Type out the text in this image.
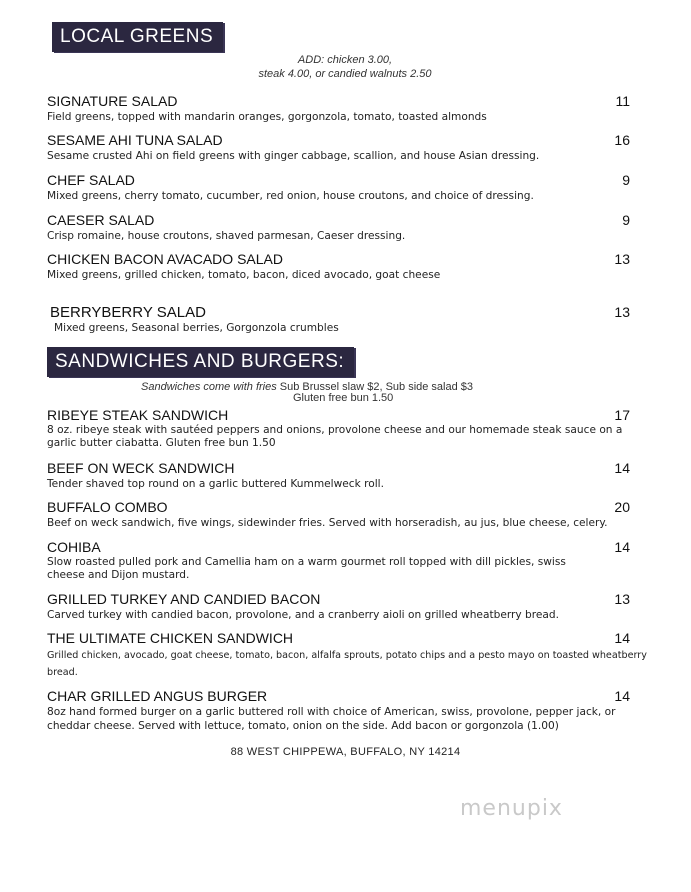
LOCAL GREENS
ADD: chicken 3.00,
steak 4.00, or candied walnuts 2.50
SIGNATURE SALAD	11
Field greens, topped with mandarin oranges, gorgonzola, tomato, toasted almonds
SESAME AHI TUNA SALAD	16
Sesame crusted Ahi on field greens with ginger cabbage, scallion, and house Asian dressing.
CHEF SALAD	9
Mixed greens, cherry tomato, cucumber, red onion, house croutons, and choice of dressing.
CAESER SALAD	9
Crisp romaine, house croutons, shaved parmesan, Caeser dressing.
CHICKEN BACON AVACADO SALAD	13
Mixed greens, grilled chicken, tomato, bacon, diced avocado, goat cheese
BERRYBERRY SALAD	13
Mixed greens, Seasonal berries, Gorgonzola crumbles
SANDWICHES AND BURGERS:
Sandwiches come with fries Sub Brussel slaw $2, Sub side salad $3
Gluten free bun 1.50
RIBEYE STEAK SANDWICH	17
8 oz. ribeye steak with sautéed peppers and onions, provolone cheese and our homemade steak sauce on a garlic butter ciabatta. Gluten free bun 1.50
BEEF ON WECK SANDWICH	14
Tender shaved top round on a garlic buttered Kummelweck roll.
BUFFALO COMBO	20
Beef on weck sandwich, five wings, sidewinder fries. Served with horseradish, au jus, blue cheese, celery.
COHIBA	14
Slow roasted pulled pork and Camellia ham on a warm gourmet roll topped with dill pickles, swiss cheese and Dijon mustard.
GRILLED TURKEY AND CANDIED BACON	13
Carved turkey with candied bacon, provolone, and a cranberry aioli on grilled wheatberry bread.
THE ULTIMATE CHICKEN SANDWICH	14
Grilled chicken, avocado, goat cheese, tomato, bacon, alfalfa sprouts, potato chips and a pesto mayo on toasted wheatberry bread.
CHAR GRILLED ANGUS BURGER	14
8oz hand formed burger on a garlic buttered roll with choice of American, swiss, provolone, pepper jack, or cheddar cheese. Served with lettuce, tomato, onion on the side. Add bacon or gorgonzola (1.00)
88 WEST CHIPPEWA, BUFFALO, NY 14214
menupix
